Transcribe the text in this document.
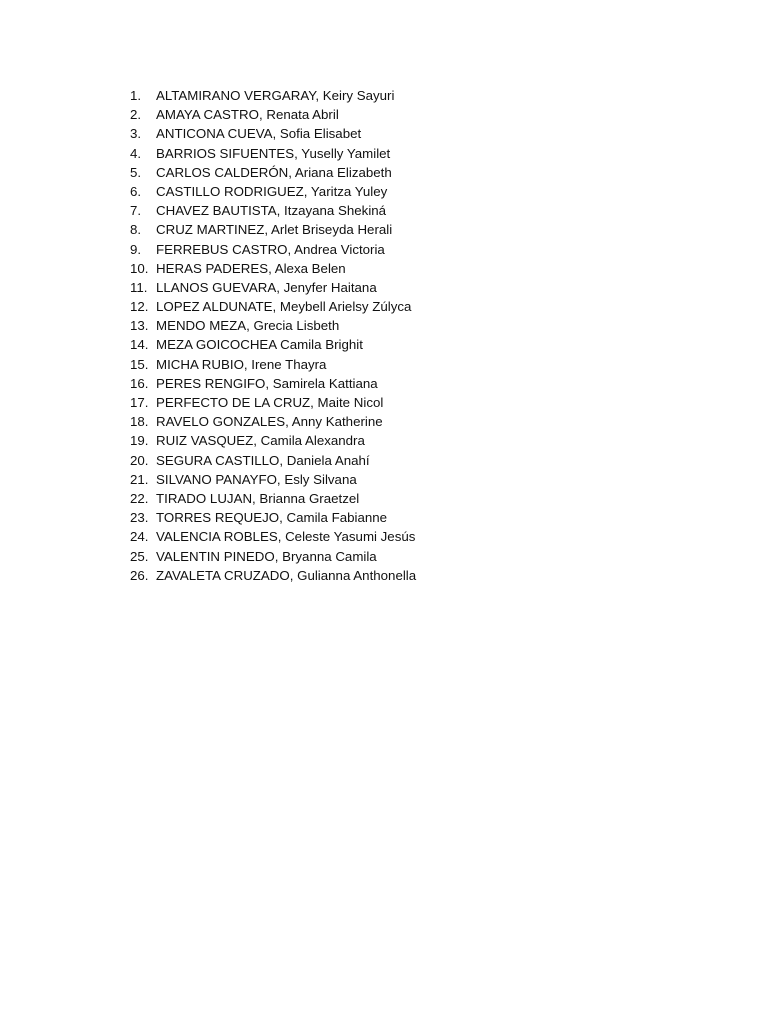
1.	ALTAMIRANO VERGARAY, Keiry Sayuri
2.	AMAYA CASTRO, Renata Abril
3.	ANTICONA CUEVA, Sofia Elisabet
4.	BARRIOS SIFUENTES, Yuselly Yamilet
5.	CARLOS CALDERÓN, Ariana Elizabeth
6.	CASTILLO RODRIGUEZ, Yaritza Yuley
7.	CHAVEZ BAUTISTA, Itzayana Shekiná
8.	CRUZ MARTINEZ, Arlet Briseyda Herali
9.	FERREBUS CASTRO, Andrea Victoria
10. HERAS PADERES, Alexa Belen
11. LLANOS GUEVARA, Jenyfer Haitana
12. LOPEZ ALDUNATE, Meybell Arielsy Zúlyca
13. MENDO MEZA, Grecia Lisbeth
14. MEZA GOICOCHEA Camila Brighit
15. MICHA RUBIO, Irene Thayra
16. PERES RENGIFO, Samirela Kattiana
17. PERFECTO DE LA CRUZ, Maite Nicol
18. RAVELO GONZALES, Anny Katherine
19. RUIZ VASQUEZ, Camila Alexandra
20. SEGURA CASTILLO, Daniela Anahí
21. SILVANO PANAYFO, Esly Silvana
22. TIRADO LUJAN, Brianna Graetzel
23. TORRES REQUEJO, Camila Fabianne
24. VALENCIA ROBLES, Celeste Yasumi Jesús
25. VALENTIN PINEDO, Bryanna Camila
26. ZAVALETA CRUZADO, Gulianna Anthonella
